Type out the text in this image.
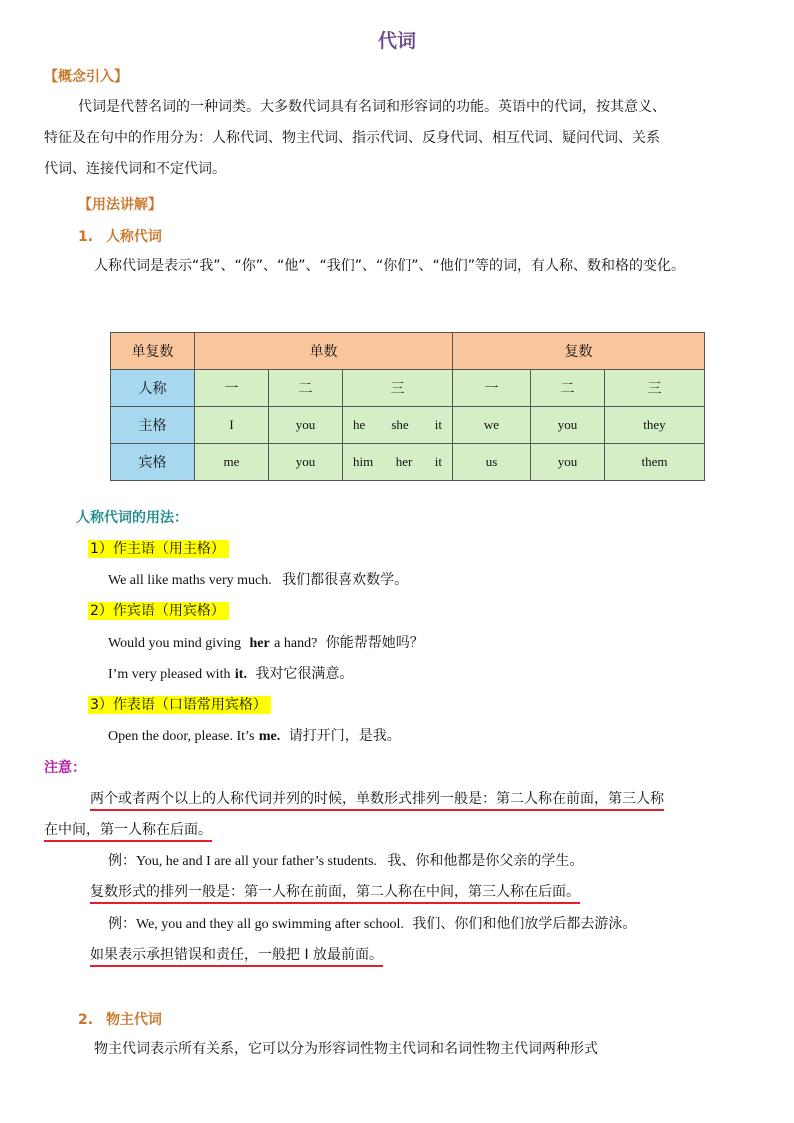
代词
【概念引入】
代词是代替名词的一种词类。大多数代词具有名词和形容词的功能。英语中的代词，按其意义、
特征及在句中的作用分为：人称代词、物主代词、指示代词、反身代词、相互代词、疑问代词、关系
代词、连接代词和不定代词。
【用法讲解】
1. 人称代词
人称代词是表示“我”、“你”、“他”、“我们”、“你们”、“他们”等的词，有人称、数和格的变化。
单复数	单数			复数		
人称	一	二	三	一	二	三
主格	I	you	he she it	we	you	they
宾格	me	you	him her it	us	you	them
人称代词的用法：
1）作主语（用主格）
We all like maths very much. 我们都很喜欢数学。
2）作宾语（用宾格）
Would you mind giving her a hand? 你能帮帮她吗？
I’m very pleased with it. 我对它很满意。
3）作表语（口语常用宾格）
Open the door, please. It’s me. 请打开门，是我。
注意：
两个或者两个以上的人称代词并列的时候，单数形式排列一般是：第二人称在前面，第三人称
在中间，第一人称在后面。
例：You, he and I are all your father’s students. 我、你和他都是你父亲的学生。
复数形式的排列一般是：第一人称在前面，第二人称在中间，第三人称在后面。
例：We, you and they all go swimming after school. 我们、你们和他们放学后都去游泳。
如果表示承担错误和责任，一般把 I 放最前面。
2. 物主代词
物主代词表示所有关系，它可以分为形容词性物主代词和名词性物主代词两种形式
